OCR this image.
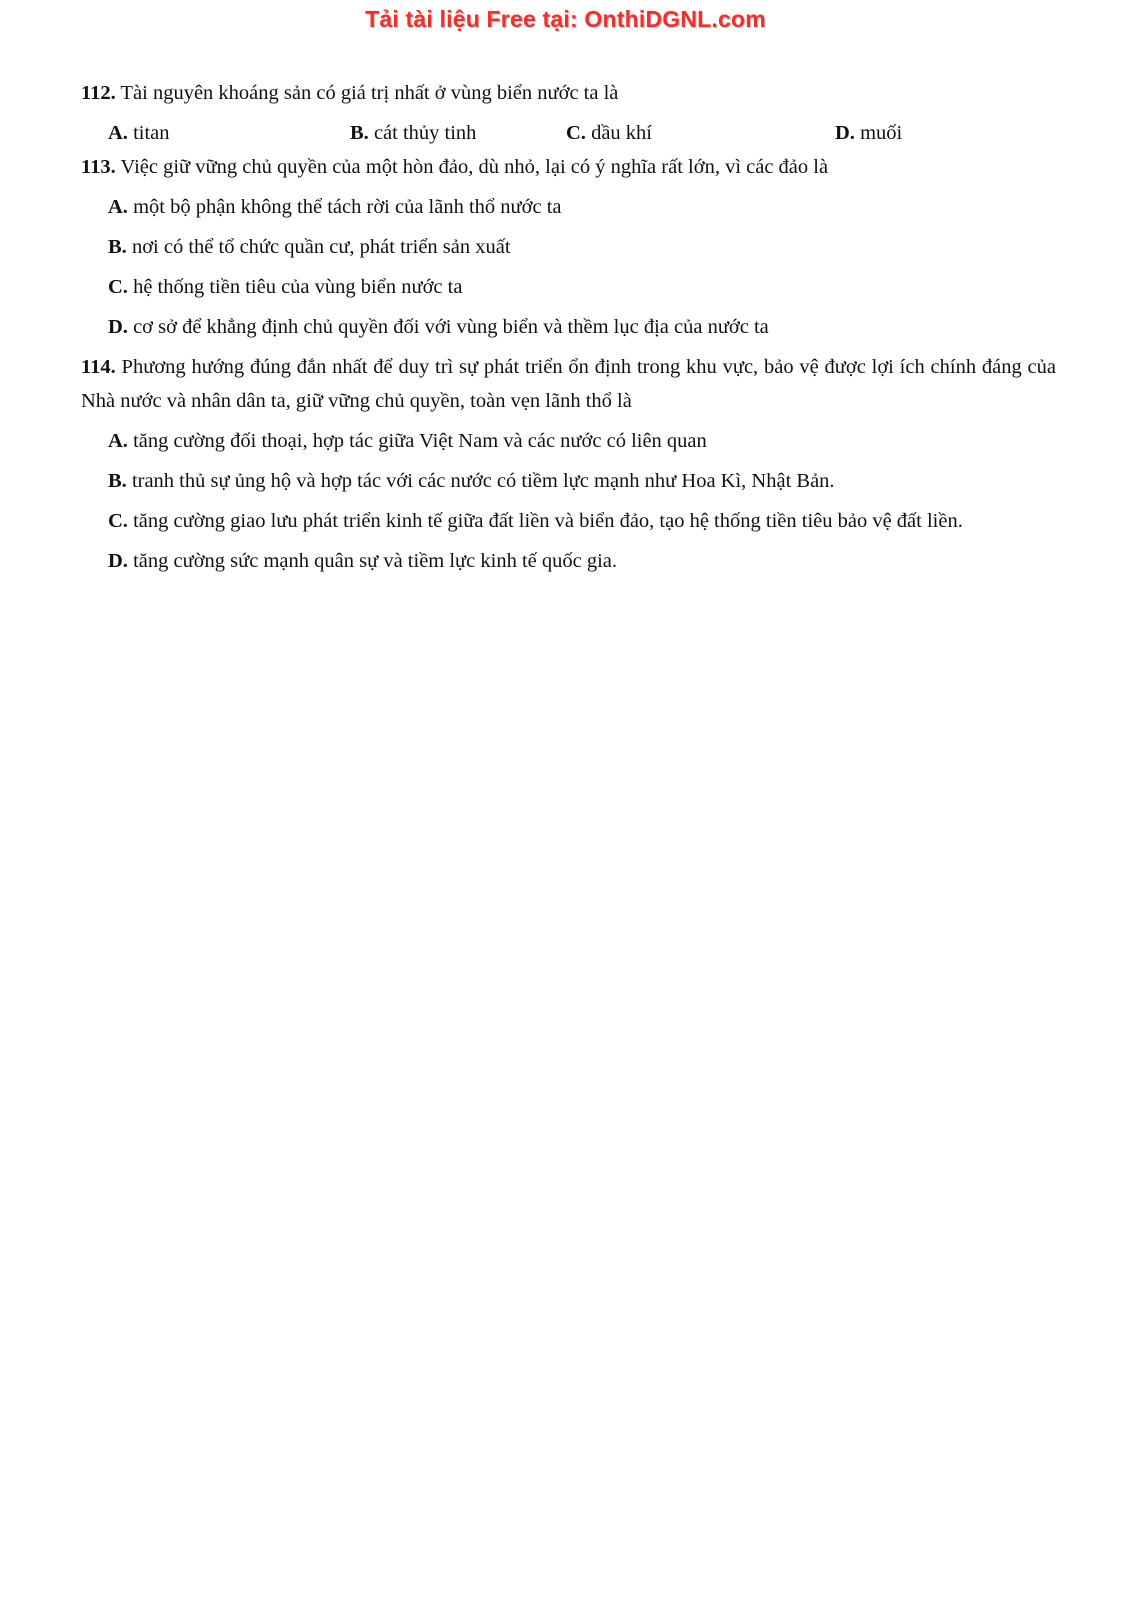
Tải tài liệu Free tại: OnthiDGNL.com

112. Tài nguyên khoáng sản có giá trị nhất ở vùng biển nước ta là

A. titan	B. cát thủy tinh	C. dầu khí	D. muối

113. Việc giữ vững chủ quyền của một hòn đảo, dù nhỏ, lại có ý nghĩa rất lớn, vì các đảo là

A. một bộ phận không thể tách rời của lãnh thổ nước ta

B. nơi có thể tổ chức quần cư, phát triển sản xuất

C. hệ thống tiền tiêu của vùng biển nước ta

D. cơ sở để khẳng định chủ quyền đối với vùng biển và thềm lục địa của nước ta

114. Phương hướng đúng đắn nhất để duy trì sự phát triển ổn định trong khu vực, bảo vệ được lợi ích chính đáng của Nhà nước và nhân dân ta, giữ vững chủ quyền, toàn vẹn lãnh thổ là

A. tăng cường đối thoại, hợp tác giữa Việt Nam và các nước có liên quan

B. tranh thủ sự ủng hộ và hợp tác với các nước có tiềm lực mạnh như Hoa Kì, Nhật Bản.

C. tăng cường giao lưu phát triển kinh tế giữa đất liền và biển đảo, tạo hệ thống tiền tiêu bảo vệ đất liền.

D. tăng cường sức mạnh quân sự và tiềm lực kinh tế quốc gia.
